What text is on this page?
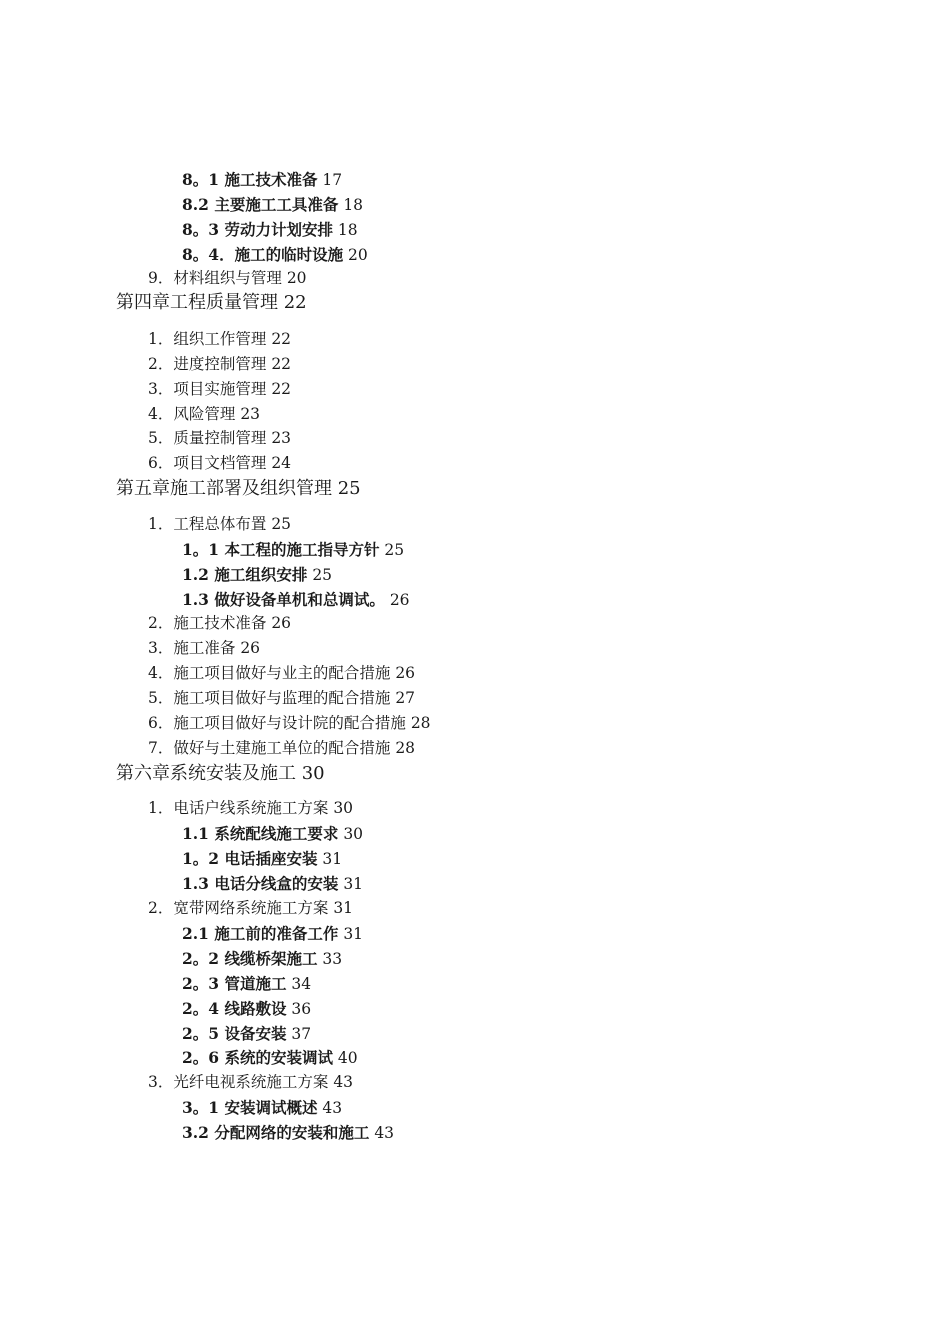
8。1 施工技术准备 17
8.2 主要施工工具准备 18
8。3 劳动力计划安排 18
8。4．施工的临时设施 20
9．材料组织与管理 20
第四章工程质量管理 22
1．组织工作管理 22
2．进度控制管理 22
3．项目实施管理 22
4．风险管理 23
5．质量控制管理 23
6．项目文档管理 24
第五章施工部署及组织管理 25
1．工程总体布置 25
1。1 本工程的施工指导方针 25
1.2 施工组织安排 25
1.3 做好设备单机和总调试。 26
2．施工技术准备 26
3．施工准备 26
4．施工项目做好与业主的配合措施 26
5．施工项目做好与监理的配合措施 27
6．施工项目做好与设计院的配合措施 28
7．做好与土建施工单位的配合措施 28
第六章系统安装及施工 30
1．电话户线系统施工方案 30
1.1 系统配线施工要求 30
1。2 电话插座安装 31
1.3 电话分线盒的安装 31
2．宽带网络系统施工方案 31
2.1 施工前的准备工作 31
2。2 线缆桥架施工 33
2。3 管道施工 34
2。4 线路敷设 36
2。5 设备安装 37
2。6 系统的安装调试 40
3．光纤电视系统施工方案 43
3。1 安装调试概述 43
3.2 分配网络的安装和施工 43
